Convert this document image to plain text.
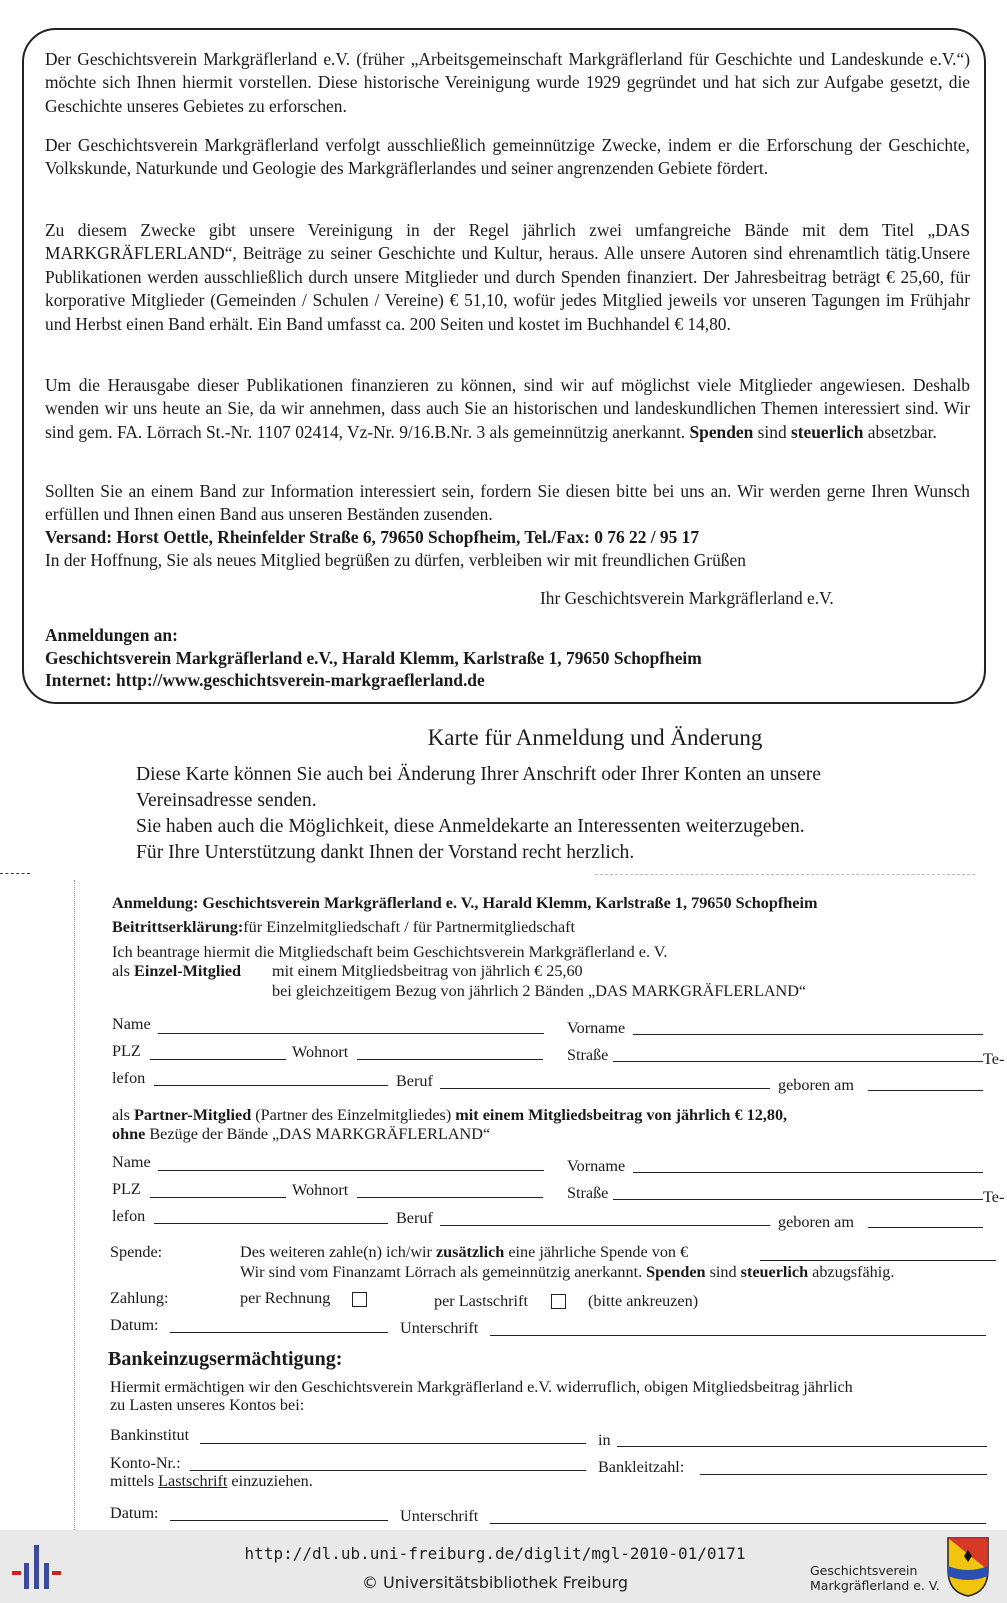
Der Geschichtsverein Markgräflerland e.V. (früher „Arbeitsgemeinschaft Markgräflerland für Geschichte und Landeskunde e.V.“) möchte sich Ihnen hiermit vorstellen. Diese historische Vereinigung wurde 1929 gegründet und hat sich zur Aufgabe gesetzt, die Geschichte unseres Gebietes zu erforschen.
Der Geschichtsverein Markgräflerland verfolgt ausschließlich gemeinnützige Zwecke, indem er die Erforschung der Geschichte, Volkskunde, Naturkunde und Geologie des Markgräflerlandes und seiner angrenzenden Gebiete fördert.
Zu diesem Zwecke gibt unsere Vereinigung in der Regel jährlich zwei umfangreiche Bände mit dem Titel „DAS MARKGRÄFLERLAND“, Beiträge zu seiner Geschichte und Kultur, heraus. Alle unsere Autoren sind ehrenamtlich tätig.Unsere Publikationen werden ausschließlich durch unsere Mitglieder und durch Spenden finanziert. Der Jahresbeitrag beträgt € 25,60, für korporative Mitglieder (Gemeinden / Schulen / Vereine) € 51,10, wofür jedes Mitglied jeweils vor unseren Tagungen im Frühjahr und Herbst einen Band erhält. Ein Band umfasst ca. 200 Seiten und kostet im Buchhandel € 14,80.
Um die Herausgabe dieser Publikationen finanzieren zu können, sind wir auf möglichst viele Mitglieder angewiesen. Deshalb wenden wir uns heute an Sie, da wir annehmen, dass auch Sie an historischen und landeskundlichen Themen interessiert sind. Wir sind gem. FA. Lörrach St.-Nr. 1107 02414, Vz-Nr. 9/16.B.Nr. 3 als gemeinnützig anerkannt. Spenden sind steuerlich absetzbar.
Sollten Sie an einem Band zur Information interessiert sein, fordern Sie diesen bitte bei uns an. Wir werden gerne Ihren Wunsch erfüllen und Ihnen einen Band aus unseren Beständen zusenden.
Versand: Horst Oettle, Rheinfelder Straße 6, 79650 Schopfheim, Tel./Fax: 0 76 22 / 95 17
In der Hoffnung, Sie als neues Mitglied begrüßen zu dürfen, verbleiben wir mit freundlichen Grüßen
Ihr Geschichtsverein Markgräflerland e.V.
Anmeldungen an:
Geschichtsverein Markgräflerland e.V., Harald Klemm, Karlstraße 1, 79650 Schopfheim
Internet: http://www.geschichtsverein-markgraeflerland.de
Karte für Anmeldung und Änderung
Diese Karte können Sie auch bei Änderung Ihrer Anschrift oder Ihrer Konten an unsere
Vereinsadresse senden.
Sie haben auch die Möglichkeit, diese Anmeldekarte an Interessenten weiterzugeben.
Für Ihre Unterstützung dankt Ihnen der Vorstand recht herzlich.
Anmeldung: Geschichtsverein Markgräflerland e. V., Harald Klemm, Karlstraße 1, 79650 Schopfheim
Beitrittserklärung:für Einzelmitgliedschaft / für Partnermitgliedschaft
Ich beantrage hiermit die Mitgliedschaft beim Geschichtsverein Markgräflerland e. V.
als Einzel-Mitglied mit einem Mitgliedsbeitrag von jährlich € 25,60
bei gleichzeitigem Bezug von jährlich 2 Bänden „DAS MARKGRÄFLERLAND“
Name	Vorname
PLZ	Wohnort	Straße	Te-
lefon	Beruf	geboren am
als Partner-Mitglied (Partner des Einzelmitgliedes) mit einem Mitgliedsbeitrag von jährlich € 12,80,
ohne Bezüge der Bände „DAS MARKGRÄFLERLAND“
Name	Vorname
PLZ	Wohnort	Straße	Te-
lefon	Beruf	geboren am
Spende:	Des weiteren zahle(n) ich/wir zusätzlich eine jährliche Spende von €
Wir sind vom Finanzamt Lörrach als gemeinnützig anerkannt. Spenden sind steuerlich abzugsfähig.
Zahlung:	per Rechnung	per Lastschrift	(bitte ankreuzen)
Datum:	Unterschrift
Bankeinzugsermächtigung:
Hiermit ermächtigen wir den Geschichtsverein Markgräflerland e.V. widerruflich, obigen Mitgliedsbeitrag jährlich
zu Lasten unseres Kontos bei:
Bankinstitut	in
Konto-Nr.:	Bankleitzahl:
mittels Lastschrift einzuziehen.
Datum:	Unterschrift
http://dl.ub.uni-freiburg.de/diglit/mgl-2010-01/0171
© Universitätsbibliothek Freiburg
Geschichtsverein
Markgräflerland e. V.
